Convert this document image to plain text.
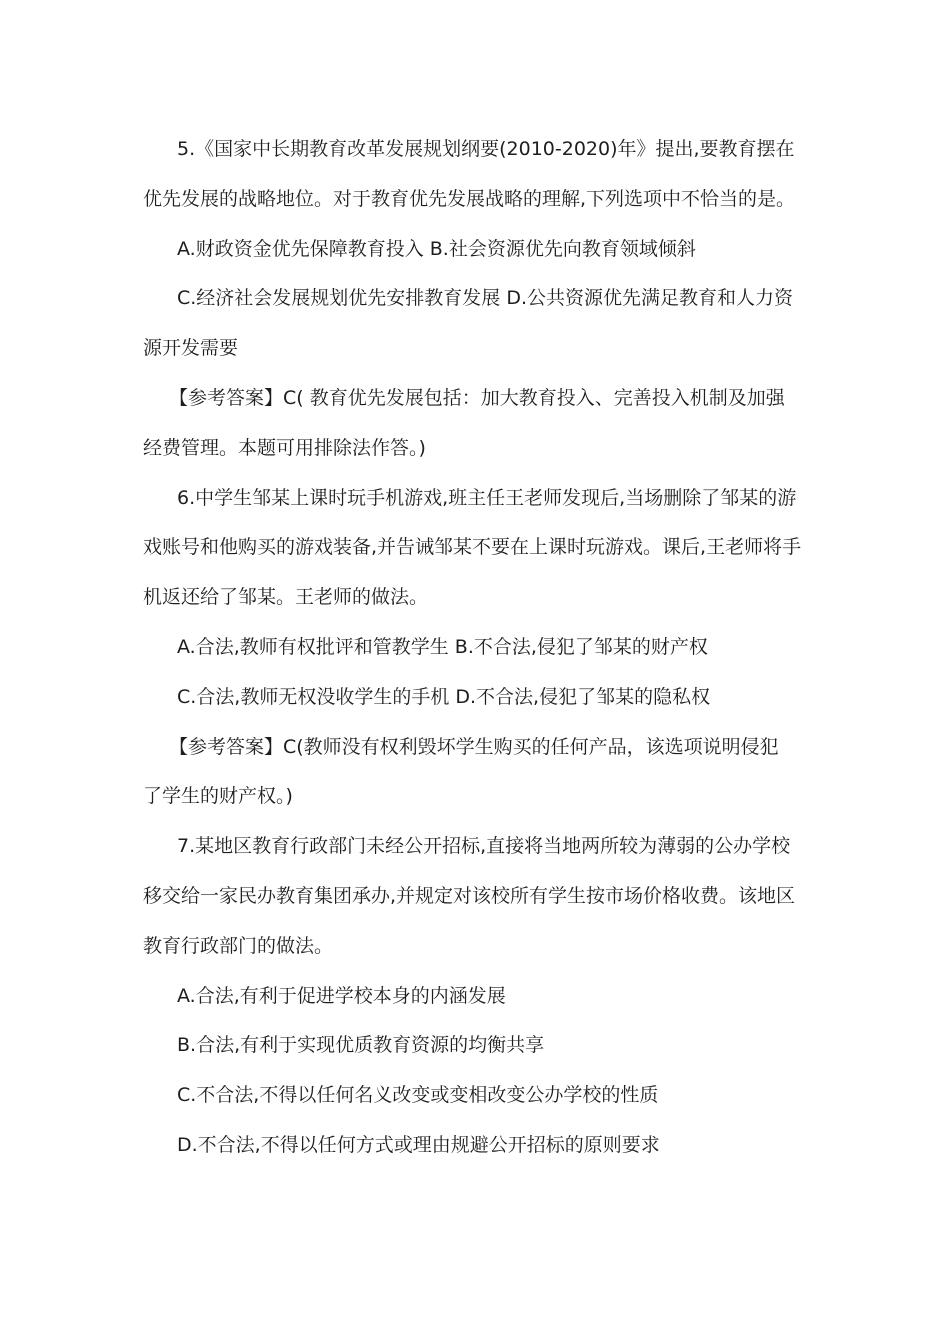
5.《国家中长期教育改革发展规划纲要(2010-2020)年》提出,要教育摆在
优先发展的战略地位。对于教育优先发展战略的理解,下列选项中不恰当的是。
A.财政资金优先保障教育投入 B.社会资源优先向教育领域倾斜
C.经济社会发展规划优先安排教育发展 D.公共资源优先满足教育和人力资
源开发需要
【参考答案】C( 教育优先发展包括：加大教育投入、完善投入机制及加强
经费管理。本题可用排除法作答。)
6.中学生邹某上课时玩手机游戏,班主任王老师发现后,当场删除了邹某的游
戏账号和他购买的游戏装备,并告诫邹某不要在上课时玩游戏。课后,王老师将手
机返还给了邹某。王老师的做法。
A.合法,教师有权批评和管教学生 B.不合法,侵犯了邹某的财产权
C.合法,教师无权没收学生的手机 D.不合法,侵犯了邹某的隐私权
【参考答案】C(教师没有权利毁坏学生购买的任何产品，该选项说明侵犯
了学生的财产权。)
7.某地区教育行政部门未经公开招标,直接将当地两所较为薄弱的公办学校
移交给一家民办教育集团承办,并规定对该校所有学生按市场价格收费。该地区
教育行政部门的做法。
A.合法,有利于促进学校本身的内涵发展
B.合法,有利于实现优质教育资源的均衡共享
C.不合法,不得以任何名义改变或变相改变公办学校的性质
D.不合法,不得以任何方式或理由规避公开招标的原则要求
